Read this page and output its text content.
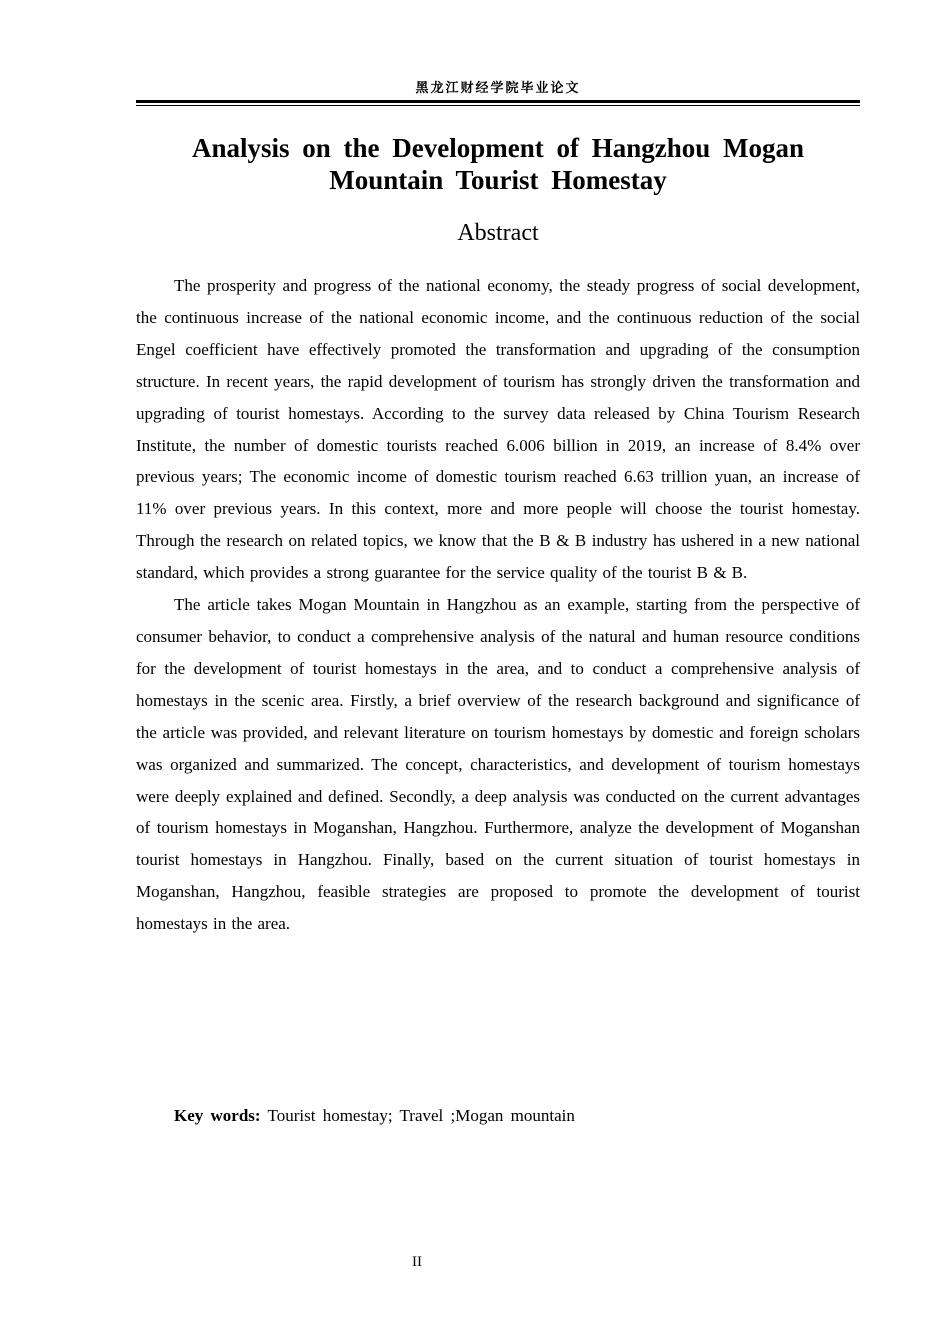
黑龙江财经学院毕业论文
Analysis on the Development of Hangzhou Mogan Mountain Tourist Homestay
Abstract

The prosperity and progress of the national economy, the steady progress of social development, the continuous increase of the national economic income, and the continuous reduction of the social Engel coefficient have effectively promoted the transformation and upgrading of the consumption structure. In recent years, the rapid development of tourism has strongly driven the transformation and upgrading of tourist homestays. According to the survey data released by China Tourism Research Institute, the number of domestic tourists reached 6.006 billion in 2019, an increase of 8.4% over previous years; The economic income of domestic tourism reached 6.63 trillion yuan, an increase of 11% over previous years. In this context, more and more people will choose the tourist homestay. Through the research on related topics, we know that the B & B industry has ushered in a new national standard, which provides a strong guarantee for the service quality of the tourist B & B.

The article takes Mogan Mountain in Hangzhou as an example, starting from the perspective of consumer behavior, to conduct a comprehensive analysis of the natural and human resource conditions for the development of tourist homestays in the area, and to conduct a comprehensive analysis of homestays in the scenic area. Firstly, a brief overview of the research background and significance of the article was provided, and relevant literature on tourism homestays by domestic and foreign scholars was organized and summarized. The concept, characteristics, and development of tourism homestays were deeply explained and defined. Secondly, a deep analysis was conducted on the current advantages of tourism homestays in Moganshan, Hangzhou. Furthermore, analyze the development of Moganshan tourist homestays in Hangzhou. Finally, based on the current situation of tourist homestays in Moganshan, Hangzhou, feasible strategies are proposed to promote the development of tourist homestays in the area.

Key words: Tourist homestay; Travel ;Mogan mountain
II
